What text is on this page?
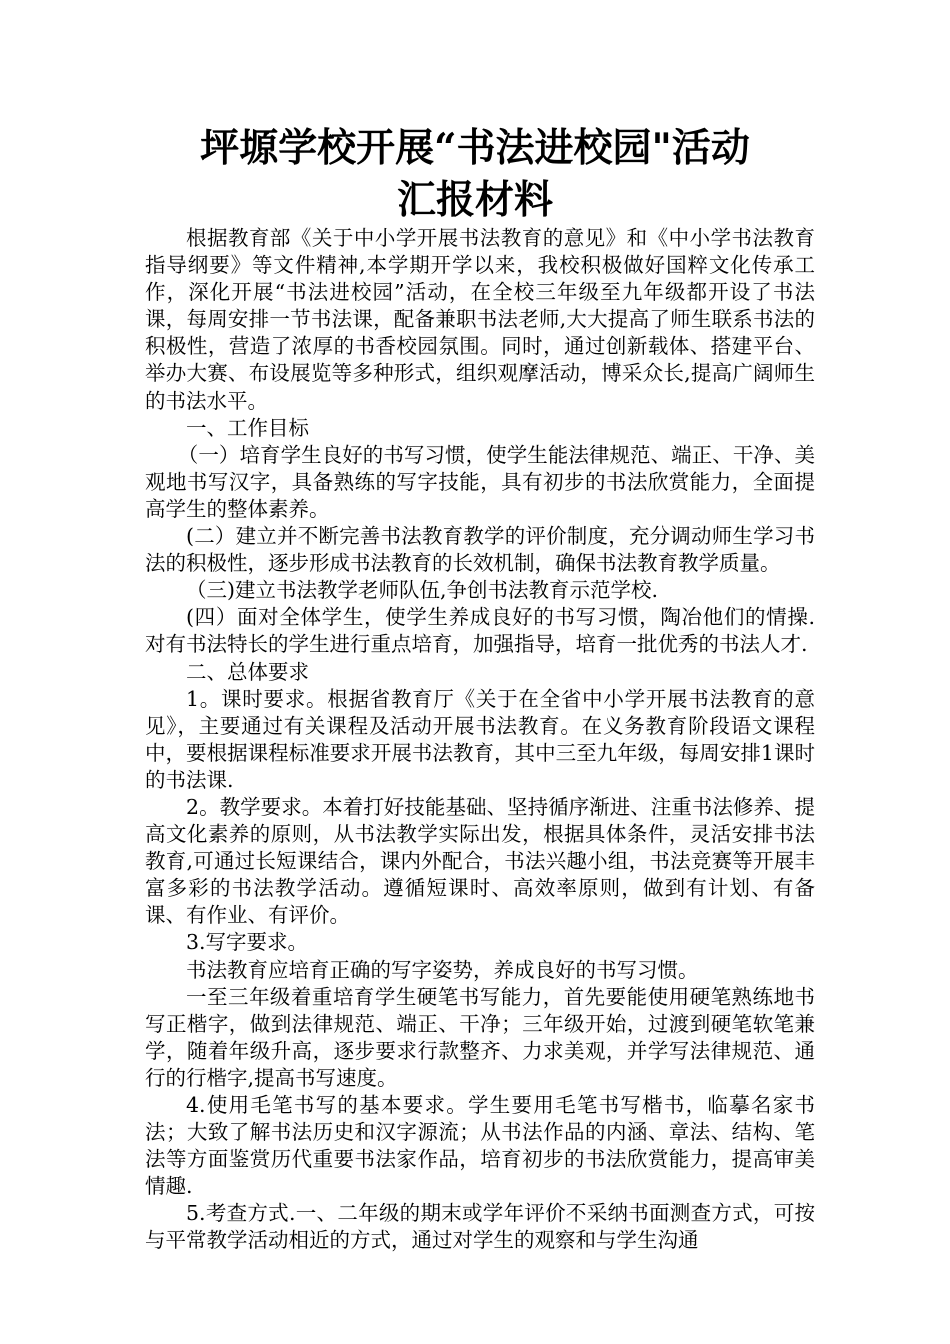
坪塬学校开展“书法进校园"活动

汇报材料

根据教育部《关于中小学开展书法教育的意见》和《中小学书法教育指导纲要》等文件精神,本学期开学以来，我校积极做好国粹文化传承工作，深化开展“书法进校园”活动，在全校三年级至九年级都开设了书法课，每周安排一节书法课，配备兼职书法老师,大大提高了师生联系书法的积极性，营造了浓厚的书香校园氛围。同时，通过创新载体、搭建平台、举办大赛、布设展览等多种形式，组织观摩活动，博采众长,提高广阔师生的书法水平。

一、工作目标

（一）培育学生良好的书写习惯，使学生能法律规范、端正、干净、美观地书写汉字，具备熟练的写字技能，具有初步的书法欣赏能力，全面提高学生的整体素养。

(二）建立并不断完善书法教育教学的评价制度，充分调动师生学习书法的积极性，逐步形成书法教育的长效机制，确保书法教育教学质量。

（三)建立书法教学老师队伍,争创书法教育示范学校.

(四）面对全体学生，使学生养成良好的书写习惯，陶冶他们的情操.对有书法特长的学生进行重点培育，加强指导，培育一批优秀的书法人才.

二、总体要求

1。课时要求。根据省教育厅《关于在全省中小学开展书法教育的意见》，主要通过有关课程及活动开展书法教育。在义务教育阶段语文课程中，要根据课程标准要求开展书法教育，其中三至九年级，每周安排1课时的书法课.

2。教学要求。本着打好技能基础、坚持循序渐进、注重书法修养、提高文化素养的原则，从书法教学实际出发，根据具体条件，灵活安排书法教育,可通过长短课结合，课内外配合，书法兴趣小组，书法竞赛等开展丰富多彩的书法教学活动。遵循短课时、高效率原则，做到有计划、有备课、有作业、有评价。

3.写字要求。

书法教育应培育正确的写字姿势，养成良好的书写习惯。

一至三年级着重培育学生硬笔书写能力，首先要能使用硬笔熟练地书写正楷字，做到法律规范、端正、干净；三年级开始，过渡到硬笔软笔兼学，随着年级升高，逐步要求行款整齐、力求美观，并学写法律规范、通行的行楷字,提高书写速度。

4.使用毛笔书写的基本要求。学生要用毛笔书写楷书，临摹名家书法；大致了解书法历史和汉字源流；从书法作品的内涵、章法、结构、笔法等方面鉴赏历代重要书法家作品，培育初步的书法欣赏能力，提高审美情趣.

5.考查方式.一、二年级的期末或学年评价不采纳书面测查方式，可按与平常教学活动相近的方式，通过对学生的观察和与学生沟通
